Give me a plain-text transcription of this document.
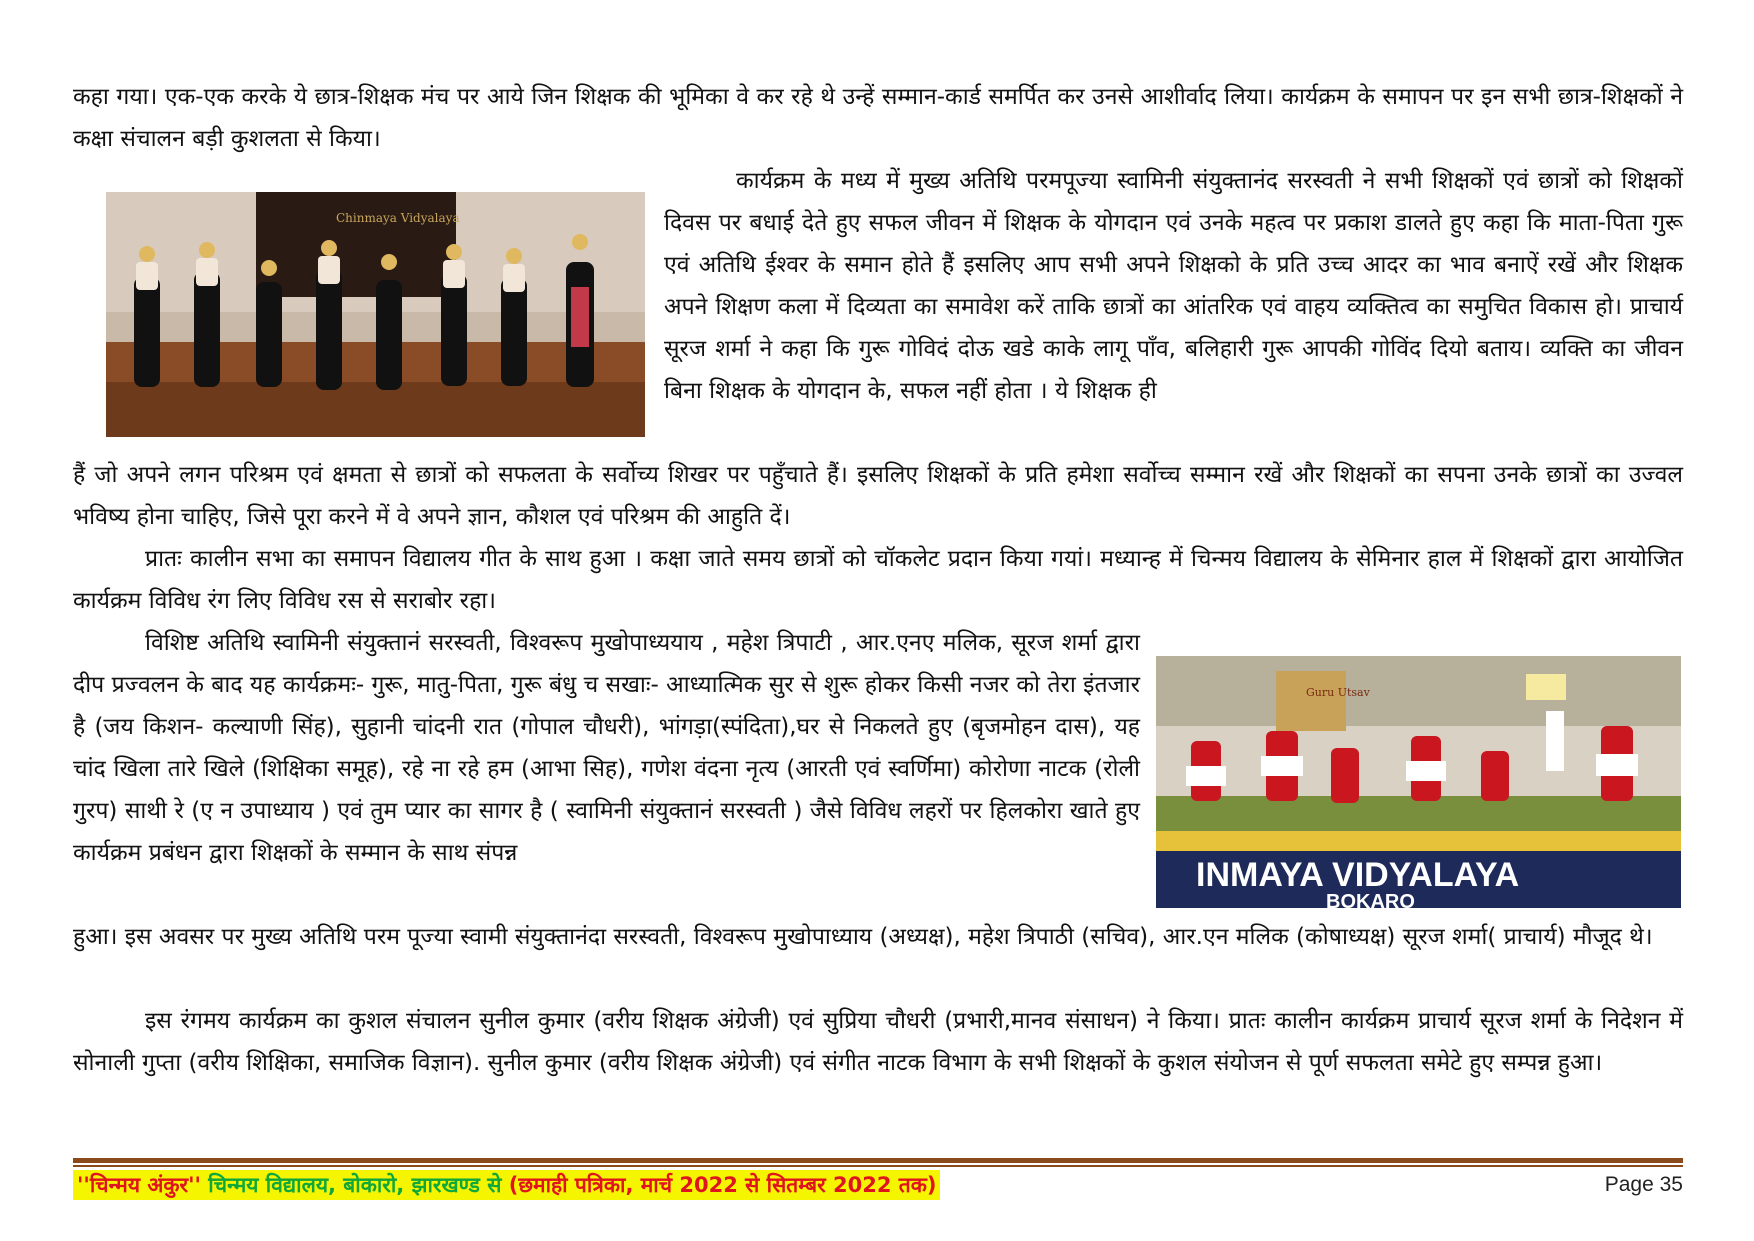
कहा गया। एक-एक करके ये छात्र-शिक्षक मंच पर आये जिन शिक्षक की भूमिका वे कर रहे थे उन्हें सम्मान-कार्ड समर्पित कर उनसे आशीर्वाद लिया। कार्यक्रम के समापन पर इन सभी छात्र-शिक्षकों ने कक्षा संचालन बड़ी कुशलता से किया।

Chinmaya Vidyalaya

कार्यक्रम के मध्य में मुख्य अतिथि परमपूज्या स्वामिनी संयुक्तानंद सरस्वती ने सभी शिक्षकों एवं छात्रों को शिक्षकों दिवस पर बधाई देते हुए सफल जीवन में शिक्षक के योगदान एवं उनके महत्व पर प्रकाश डालते हुए कहा कि माता-पिता गुरू एवं अतिथि ईश्वर के समान होते हैं इसलिए आप सभी अपने शिक्षको के प्रति उच्च आदर का भाव बनाऐं रखें और शिक्षक अपने शिक्षण कला में दिव्यता का समावेश करें ताकि छात्रों का आंतरिक एवं वाहय व्यक्तित्व का समुचित विकास हो। प्राचार्य सूरज शर्मा ने कहा कि गुरू गोविदं दोऊ खडे काके लागू पाँव, बलिहारी गुरू आपकी गोविंद दियो बताय। व्यक्ति का जीवन बिना शिक्षक के योगदान के, सफल नहीं होता । ये शिक्षक ही

हैं जो अपने लगन परिश्रम एवं क्षमता से छात्रों को सफलता के सर्वोच्य शिखर पर पहुँचाते हैं। इसलिए शिक्षकों के प्रति हमेशा सर्वोच्च सम्मान रखें और शिक्षकों का सपना उनके छात्रों का उज्वल भविष्य होना चाहिए, जिसे पूरा करने में वे अपने ज्ञान, कौशल एवं परिश्रम की आहुति दें।

प्रातः कालीन सभा का समापन विद्यालय गीत के साथ हुआ । कक्षा जाते समय छात्रों को चॉकलेट प्रदान किया गयां। मध्यान्ह में चिन्मय विद्यालय के सेमिनार हाल में शिक्षकों द्वारा आयोजित कार्यक्रम विविध रंग लिए विविध रस से सराबोर रहा।

विशिष्ट अतिथि स्वामिनी संयुक्तानं सरस्वती, विश्वरूप मुखोपाध्ययाय , महेश त्रिपाटी , आर.एनए मलिक, सूरज शर्मा द्वारा दीप प्रज्वलन के बाद यह कार्यक्रमः- गुरू, मातु-पिता, गुरू बंधु च सखाः- आध्यात्मिक सुर से शुरू होकर किसी नजर को तेरा इंतजार है (जय किशन- कल्याणी सिंह), सुहानी चांदनी रात (गोपाल चौधरी), भांगड़ा(स्पंदिता),घर से निकलते हुए (बृजमोहन दास), यह चांद खिला तारे खिले (शिक्षिका समूह), रहे ना रहे हम (आभा सिह), गणेश वंदना नृत्य (आरती एवं स्वर्णिमा) कोरोणा नाटक (रोली गुरप) साथी रे (ए न उपाध्याय ) एवं तुम प्यार का सागर है ( स्वामिनी संयुक्तानं सरस्वती ) जैसे विविध लहरों पर हिलकोरा खाते हुए कार्यक्रम प्रबंधन द्वारा शिक्षकों के सम्मान के साथ संपन्न

Guru Utsav
INMAYA VIDYALAYA
BOKARO

हुआ। इस अवसर पर मुख्य अतिथि परम पूज्या स्वामी संयुक्तानंदा सरस्वती, विश्वरूप मुखोपाध्याय (अध्यक्ष), महेश त्रिपाठी (सचिव), आर.एन मलिक (कोषाध्यक्ष) सूरज शर्मा( प्राचार्य) मौजूद थे।

इस रंगमय कार्यक्रम का कुशल संचालन सुनील कुमार (वरीय शिक्षक अंग्रेजी) एवं सुप्रिया चौधरी (प्रभारी,मानव संसाधन) ने किया। प्रातः कालीन कार्यक्रम प्राचार्य सूरज शर्मा के निदेशन में सोनाली गुप्ता (वरीय शिक्षिका, समाजिक विज्ञान). सुनील कुमार (वरीय शिक्षक अंग्रेजी) एवं संगीत नाटक विभाग के सभी शिक्षकों के कुशल संयोजन से पूर्ण सफलता समेटे हुए सम्पन्न हुआ।

''चिन्मय अंकुर'' चिन्मय विद्यालय, बोकारो, झारखण्ड से (छमाही पत्रिका, मार्च 2022 से सितम्बर 2022 तक)	Page 35
